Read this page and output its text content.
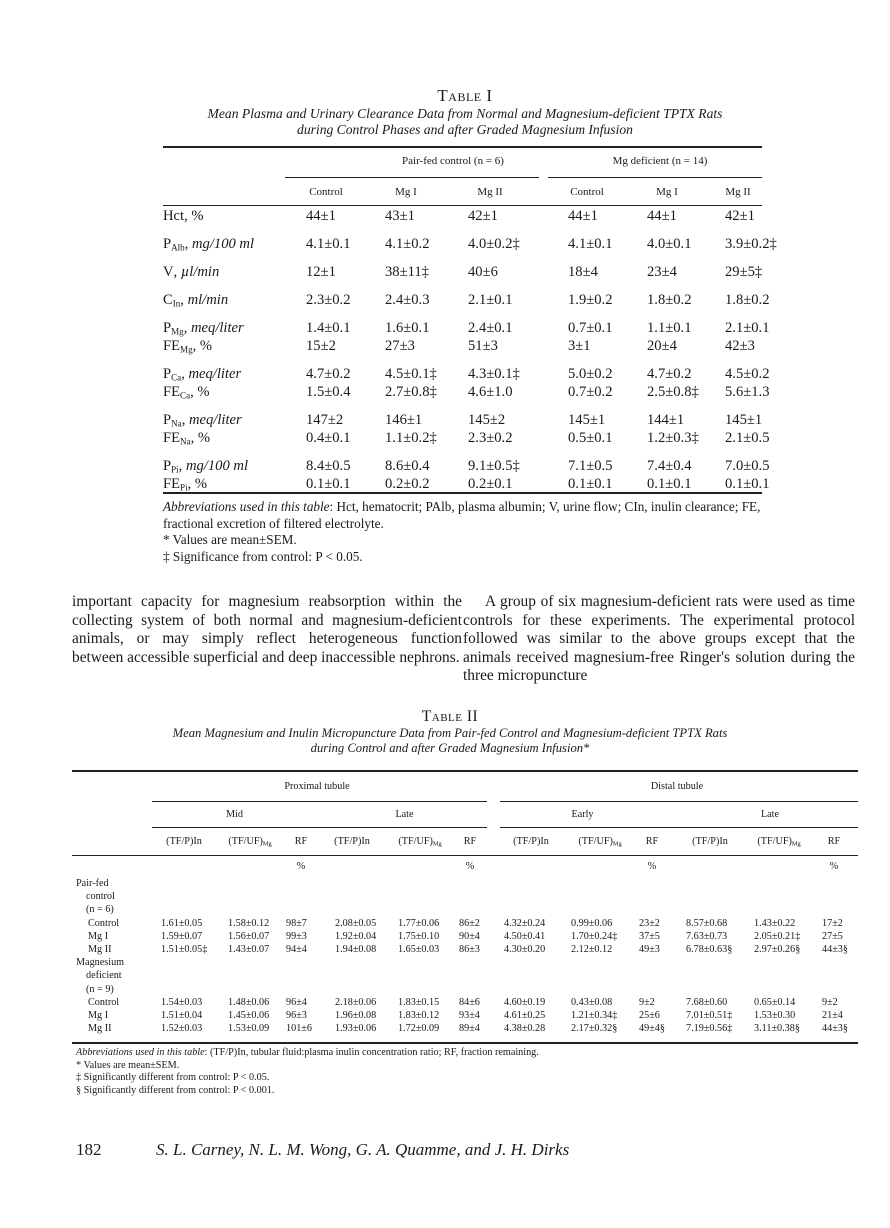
Table I
Mean Plasma and Urinary Clearance Data from Normal and Magnesium-deficient TPTX Rats
during Control Phases and after Graded Magnesium Infusion
Pair-fed control (n = 6)	Mg deficient (n = 14)
Control	Mg I	Mg II	Control	Mg I	Mg II
Hct, %	44±1	43±1	42±1	44±1	44±1	42±1
$P_{Alb}$, mg/100 ml	4.1±0.1 4.1±0.2	4.0±0.2‡	4.1±0.1 4.0±0.1 3.9±0.2‡
V, µl/min	12±1	38±11‡	40±6	18±4	23±4	29±5‡
$C_{In}$, ml/min	2.3±0.2 2.4±0.3	2.1±0.1	1.9±0.2 1.8±0.2 1.8±0.2
$P_{Mg}$, meq/liter	1.4±0.1 1.6±0.1	2.4±0.1	0.7±0.1 1.1±0.1 2.1±0.1
$FE_{Mg}$, %	15±2	27±3	51±3	3±1	20±4	42±3
$P_{Ca}$, meq/liter	4.7±0.2 4.5±0.1‡ 4.3±0.1‡	5.0±0.2 4.7±0.2 4.5±0.2
$FE_{Ca}$, %	1.5±0.4 2.7±0.8‡ 4.6±1.0	0.7±0.2 2.5±0.8‡ 5.6±1.3
$P_{Na}$, meq/liter	147±2	146±1	145±2	145±1	144±1	145±1
$FE_{Na}$, %	0.4±0.1 1.1±0.2‡ 2.3±0.2	0.5±0.1 1.2±0.3‡ 2.1±0.5
$P_{Pi}$, mg/100 ml	8.4±0.5 8.6±0.4	9.1±0.5‡	7.1±0.5 7.4±0.4 7.0±0.5
$FE_{Pi}$, %	0.1±0.1 0.2±0.2	0.2±0.1	0.1±0.1 0.1±0.1 0.1±0.1
Abbreviations used in this table: Hct, hematocrit; PAlb, plasma albumin; V, urine flow; CIn, inulin clearance; FE, fractional excretion of filtered electrolyte.
* Values are mean±SEM.
‡ Significance from control: P < 0.05.

important capacity for magnesium reabsorption within the collecting system of both normal and magnesium-deficient animals, or may simply reflect heterogeneous function between accessible superficial and deep inaccessible nephrons.

A group of six magnesium-deficient rats were used as time controls for these experiments. The experimental protocol followed was similar to the above groups except that the animals received magnesium-free Ringer's solution during the three micropuncture

Table II
Mean Magnesium and Inulin Micropuncture Data from Pair-fed Control and Magnesium-deficient TPTX Rats
during Control and after Graded Magnesium Infusion*
Proximal tubule	Distal tubule
Mid	Late	Early	Late
(TF/P)In	$(TF/UF)_{Mg}$	RF
%
(TF/P)In	$(TF/UF)_{Mg}$	RF
%
(TF/P)In	$(TF/UF)_{Mg}$	RF
%
(TF/P)In	$(TF/UF)_{Mg}$	RF
%
Pair-fed
control
(n = 6)
Control	1.61±0.05	1.58±0.12 98±7	2.08±0.05 1.77±0.06 86±2 4.32±0.24	0.99±0.06	23±2	8.57±0.68	1.43±0.22	17±2
Mg I	1.59±0.07	1.56±0.07 99±3	1.92±0.04 1.75±0.10 90±4 4.50±0.41	1.70±0.24‡ 37±5	7.63±0.73	2.05±0.21‡ 27±5
Mg II	1.51±0.05‡ 1.43±0.07 94±4	1.94±0.08 1.65±0.03 86±3 4.30±0.20	2.12±0.12	49±3	6.78±0.63§ 2.97±0.26§ 44±3§
Magnesium
deficient
(n = 9)
Control	1.54±0.03	1.48±0.06 96±4	2.18±0.06 1.83±0.15 84±6 4.60±0.19	0.43±0.08	9±2	7.68±0.60	0.65±0.14	9±2
Mg I	1.51±0.04	1.45±0.06 96±3	1.96±0.08 1.83±0.12 93±4 4.61±0.25	1.21±0.34‡ 25±6	7.01±0.51‡ 1.53±0.30	21±4
Mg II	1.52±0.03	1.53±0.09 101±6 1.93±0.06 1.72±0.09 89±4 4.38±0.28	2.17±0.32§ 49±4§ 7.19±0.56‡ 3.11±0.38§ 44±3§
Abbreviations used in this table: (TF/P)In, tubular fluid:plasma inulin concentration ratio; RF, fraction remaining.
* Values are mean±SEM.
‡ Significantly different from control: P < 0.05.
§ Significantly different from control: P < 0.001.
182	S. L. Carney, N. L. M. Wong, G. A. Quamme, and J. H. Dirks
